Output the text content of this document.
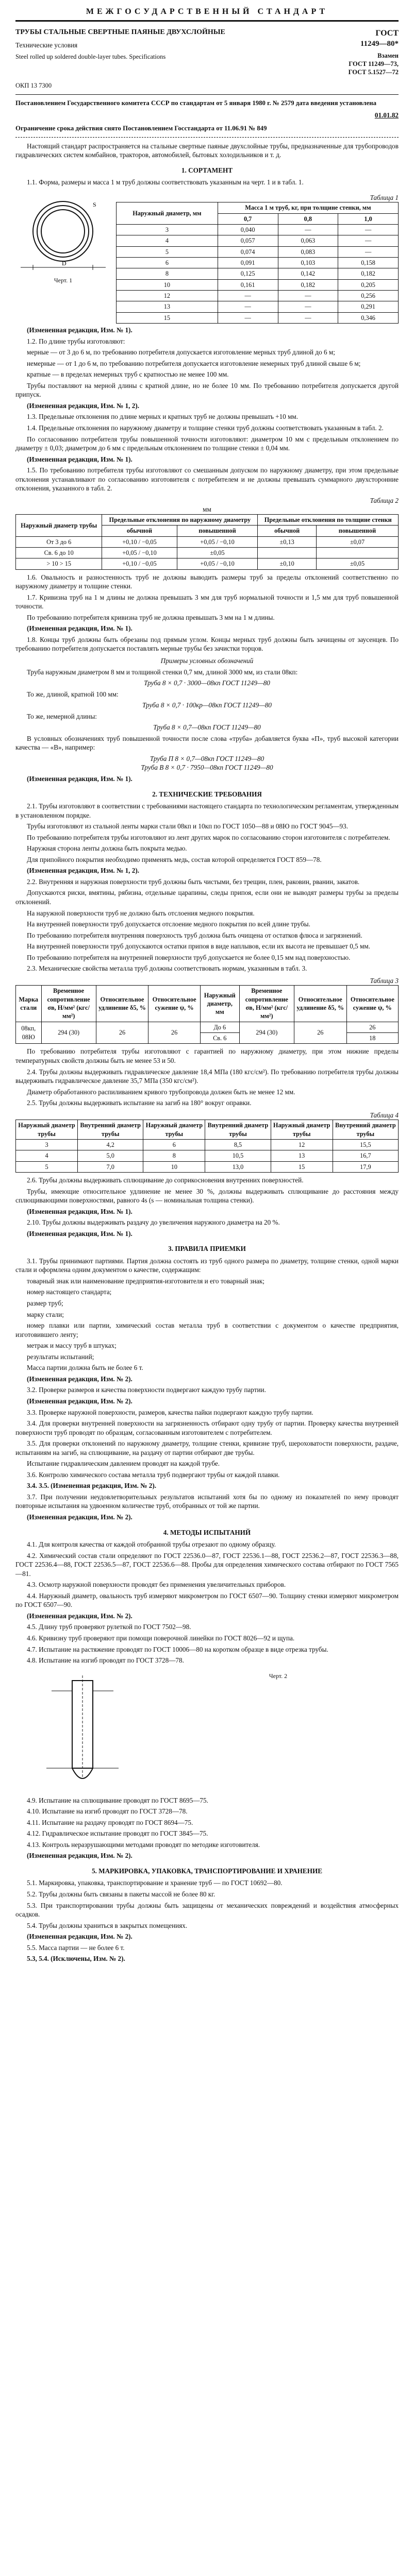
МЕЖГОСУДАРСТВЕННЫЙ СТАНДАРТ
ТРУБЫ СТАЛЬНЫЕ СВЕРТНЫЕ ПАЯНЫЕ ДВУХСЛОЙНЫЕ
Технические условия
Steel rolled up soldered double-layer tubes. Specifications
ГОСТ
11249—80*
Взамен
ГОСТ 11249—73,
ГОСТ 5.1527—72
ОКП 13 7300
Постановлением Государственного комитета СССР по стандартам от 5 января 1980 г. № 2579 дата введения установлена
01.01.82
Ограничение срока действия снято Постановлением Госстандарта от 11.06.91 № 849
Настоящий стандарт распространяется на стальные свертные паяные двухслойные трубы, предназначенные для трубопроводов гидравлических систем комбайнов, тракторов, автомобилей, бытовых холодильников и т. д.
1. СОРТАМЕНТ
1.1. Форма, размеры и масса 1 м труб должны соответствовать указанным на черт. 1 и в табл. 1.
D
S
Черт. 1
Таблица 1
Наружный диаметр, мм	Масса 1 м труб, кг, при толщине стенки, мм		
	0,7	0,8	1,0
3	0,040	—	—
4	0,057	0,063	—
5	0,074	0,083	—
6	0,091	0,103	0,158
8	0,125	0,142	0,182
10	0,161	0,182	0,205
12	—	—	0,256
13	—	—	0,291
15	—	—	0,346
(Измененная редакция, Изм. № 1).
1.2. По длине трубы изготовляют:
мерные — от 3 до 6 м, по требованию потребителя допускается изготовление мерных труб длиной до 6 м;
немерные — от 1 до 6 м, по требованию потребителя допускается изготовление немерных труб длиной свыше 6 м;
кратные — в пределах немерных труб с кратностью не менее 100 мм.
Трубы поставляют на мерной длины с кратной длине, но не более 10 мм. По требованию потребителя допускается другой припуск.
(Измененная редакция, Изм. № 1, 2).
1.3. Предельные отклонения по длине мерных и кратных труб не должны превышать +10 мм.
1.4. Предельные отклонения по наружному диаметру и толщине стенки труб должны соответствовать указанным в табл. 2.
По согласованию потребителя трубы повышенной точности изготовляют: диаметром 10 мм с предельным отклонением по диаметру ± 0,03; диаметром до 6 мм с предельным отклонением по толщине стенки ± 0,04 мм.
(Измененная редакция, Изм. № 1).
1.5. По требованию потребителя трубы изготовляют со смешанным допуском по наружному диаметру, при этом предельные отклонения устанавливают по согласованию изготовителя с потребителем и не должны превышать суммарного двухсторонние отклонения, указанного в табл. 2.
Таблица 2
мм
Наружный диаметр трубы	Предельные отклонения по наружному диаметру		Предельные отклонения по толщине стенки	
	обычной	повышенной	обычной	повышенной
От 3 до 6	+0,10 / −0,05	+0,05 / −0,10	±0,13	±0,07
Св. 6 до 10	+0,05 / −0,10	±0,05		
> 10 > 15	+0,10 / −0,05	+0,05 / −0,10	±0,10	±0,05
1.6. Овальность и разностенность труб не должны выводить размеры труб за пределы отклонений соответственно по наружному диаметру и толщине стенки.
1.7. Кривизна труб на 1 м длины не должна превышать 3 мм для труб нормальной точности и 1,5 мм для труб повышенной точности.
По требованию потребителя кривизна труб не должна превышать 3 мм на 1 м длины.
(Измененная редакция, Изм. № 1).
1.8. Концы труб должны быть обрезаны под прямым углом. Концы мерных труб должны быть зачищены от заусенцев. По требованию потребителя допускается поставлять мерные трубы без зачистки торцов.
Примеры условных обозначений
Труба наружным диаметром 8 мм и толщиной стенки 0,7 мм, длиной 3000 мм, из стали 08кп:
Труба 8 × 0,7 · 3000—08кп ГОСТ 11249—80
То же, длиной, кратной 100 мм:
Труба 8 × 0,7 · 100кр—08кп ГОСТ 11249—80
То же, немерной длины:
Труба 8 × 0,7—08кп ГОСТ 11249—80
В условных обозначениях труб повышенной точности после слова «труба» добавляется буква «П», труб высокой категории качества — «В», например:
Труба П 8 × 0,7—08кп ГОСТ 11249—80
Труба В 8 × 0,7 · 7950—08кп ГОСТ 11249—80
(Измененная редакция, Изм. № 1).
2. ТЕХНИЧЕСКИЕ ТРЕБОВАНИЯ
2.1. Трубы изготовляют в соответствии с требованиями настоящего стандарта по технологическим регламентам, утвержденным в установленном порядке.
Трубы изготовляют из стальной ленты марки стали 08кп и 10кп по ГОСТ 1050—88 и 08Ю по ГОСТ 9045—93.
По требованию потребителя трубы изготовляют из лент других марок по согласованию сторон изготовителя с потребителем.
Наружная сторона ленты должна быть покрыта медью.
Для припойного покрытия необходимо применять медь, состав которой определяется ГОСТ 859—78.
(Измененная редакция, Изм. № 1, 2).
2.2. Внутренняя и наружная поверхности труб должны быть чистыми, без трещин, плен, раковин, рванин, закатов.
Допускаются риски, вмятины, рябизна, отдельные царапины, следы припоя, если они не выводят размеры трубы за пределы отклонений.
На наружной поверхности труб не должно быть отслоения медного покрытия.
На внутренней поверхности труб допускается отслоение медного покрытия по всей длине трубы.
По требованию потребителя внутренняя поверхность труб должна быть очищена от остатков флюса и загрязнений.
На внутренней поверхности труб допускаются остатки припоя в виде наплывов, если их высота не превышает 0,5 мм.
По требованию потребителя на внутренней поверхности труб допускается не более 0,15 мм над поверхностью.
2.3. Механические свойства металла труб должны соответствовать нормам, указанным в табл. 3.
Таблица 3
Марка стали	Временное сопротивление σв, Н/мм² (кгс/мм²)	Относительное удлинение δ5, %	Относительное сужение ψ, %	Наружный диаметр, мм	Временное сопротивление σв, Н/мм² (кгс/мм²)	Относительное удлинение δ5, %	Относительное сужение ψ, %
08кп, 08Ю	294 (30)	26	26	До 6	294 (30)	26	26
				Св. 6			18
По требованию потребителя трубы изготовляют с гарантией по наружному диаметру, при этом нижние пределы температурных свойств должны быть не менее 53 и 50.
2.4. Трубы должны выдерживать гидравлическое давление 18,4 МПа (180 кгс/см²). По требованию потребителя трубы должны выдерживать гидравлическое давление 35,7 МПа (350 кгс/см²).
Диаметр обработанного распиливанием кривого трубопровода должен быть не менее 12 мм.
2.5. Трубы должны выдерживать испытание на загиб на 180° вокруг оправки.
Таблица 4
Наружный диаметр трубы	Внутренний диаметр трубы	Наружный диаметр трубы	Внутренний диаметр трубы	Наружный диаметр трубы	Внутренний диаметр трубы
3	4,2	6	8,5	12	15,5
4	5,0	8	10,5	13	16,7
5	7,0	10	13,0	15	17,9
2.6. Трубы должны выдерживать сплющивание до соприкосновения внутренних поверхностей.
Трубы, имеющие относительное удлинение не менее 30 %, должны выдерживать сплющивание до расстояния между сплющивающими поверхностями, равного 4s (s — номинальная толщина стенки).
(Измененная редакция, Изм. № 1).
2.10. Трубы должны выдерживать раздачу до увеличения наружного диаметра на 20 %.
(Измененная редакция, Изм. № 1).
3. ПРАВИЛА ПРИЕМКИ
3.1. Трубы принимают партиями. Партия должна состоять из труб одного размера по диаметру, толщине стенки, одной марки стали и оформлена одним документом о качестве, содержащим:
товарный знак или наименование предприятия-изготовителя и его товарный знак;
номер настоящего стандарта;
размер труб;
марку стали;
номер плавки или партии, химический состав металла труб в соответствии с документом о качестве предприятия, изготовившего ленту;
метраж и массу труб в штуках;
результаты испытаний;
Масса партии должна быть не более 6 т.
(Измененная редакция, Изм. № 2).
3.2. Проверке размеров и качества поверхности подвергают каждую трубу партии.
(Измененная редакция, Изм. № 2).
3.3. Проверке наружной поверхности, размеров, качества пайки подвергают каждую трубу партии.
3.4. Для проверки внутренней поверхности на загрязненность отбирают одну трубу от партии. Проверку качества внутренней поверхности труб проводят по образцам, согласованным изготовителем с потребителем.
3.5. Для проверки отклонений по наружному диаметру, толщине стенки, кривизне труб, шероховатости поверхности, раздаче, испытаниям на загиб, на сплющивание, на раздачу от партии отбирают две трубы.
Испытание гидравлическим давлением проводят на каждой трубе.
3.6. Контролю химического состава металла труб подвергают трубы от каждой плавки.
3.4. 3.5. (Измененная редакция, Изм. № 2).
3.7. При получении неудовлетворительных результатов испытаний хотя бы по одному из показателей по нему проводят повторные испытания на удвоенном количестве труб, отобранных от той же партии.
(Измененная редакция, Изм. № 2).
4. МЕТОДЫ ИСПЫТАНИЙ
4.1. Для контроля качества от каждой отобранной трубы отрезают по одному образцу.
4.2. Химический состав стали определяют по ГОСТ 22536.0—87, ГОСТ 22536.1—88, ГОСТ 22536.2—87, ГОСТ 22536.3—88, ГОСТ 22536.4—88, ГОСТ 22536.5—87, ГОСТ 22536.6—88. Пробы для определения химического состава отбирают по ГОСТ 7565—81.
4.3. Осмотр наружной поверхности проводят без применения увеличительных приборов.
4.4. Наружный диаметр, овальность труб измеряют микрометром по ГОСТ 6507—90. Толщину стенки измеряют микрометром по ГОСТ 6507—90.
(Измененная редакция, Изм. № 2).
4.5. Длину труб проверяют рулеткой по ГОСТ 7502—98.
4.6. Кривизну труб проверяют при помощи поверочной линейки по ГОСТ 8026—92 и щупа.
4.7. Испытание на растяжение проводят по ГОСТ 10006—80 на коротком образце в виде отрезка трубы.
4.8. Испытание на изгиб проводят по ГОСТ 3728—78.
Черт. 2
4.9. Испытание на сплющивание проводят по ГОСТ 8695—75.
4.10. Испытание на изгиб проводят по ГОСТ 3728—78.
4.11. Испытание на раздачу проводят по ГОСТ 8694—75.
4.12. Гидравлическое испытание проводят по ГОСТ 3845—75.
4.13. Контроль неразрушающими методами проводят по методике изготовителя.
(Измененная редакция, Изм. № 2).
5. МАРКИРОВКА, УПАКОВКА, ТРАНСПОРТИРОВАНИЕ И ХРАНЕНИЕ
5.1. Маркировка, упаковка, транспортирование и хранение труб — по ГОСТ 10692—80.
5.2. Трубы должны быть связаны в пакеты массой не более 80 кг.
5.3. При транспортировании трубы должны быть защищены от механических повреждений и воздействия атмосферных осадков.
5.4. Трубы должны храниться в закрытых помещениях.
(Измененная редакция, Изм. № 2).
5.5. Масса партии — не более 6 т.
5.3, 5.4. (Исключены, Изм. № 2).
